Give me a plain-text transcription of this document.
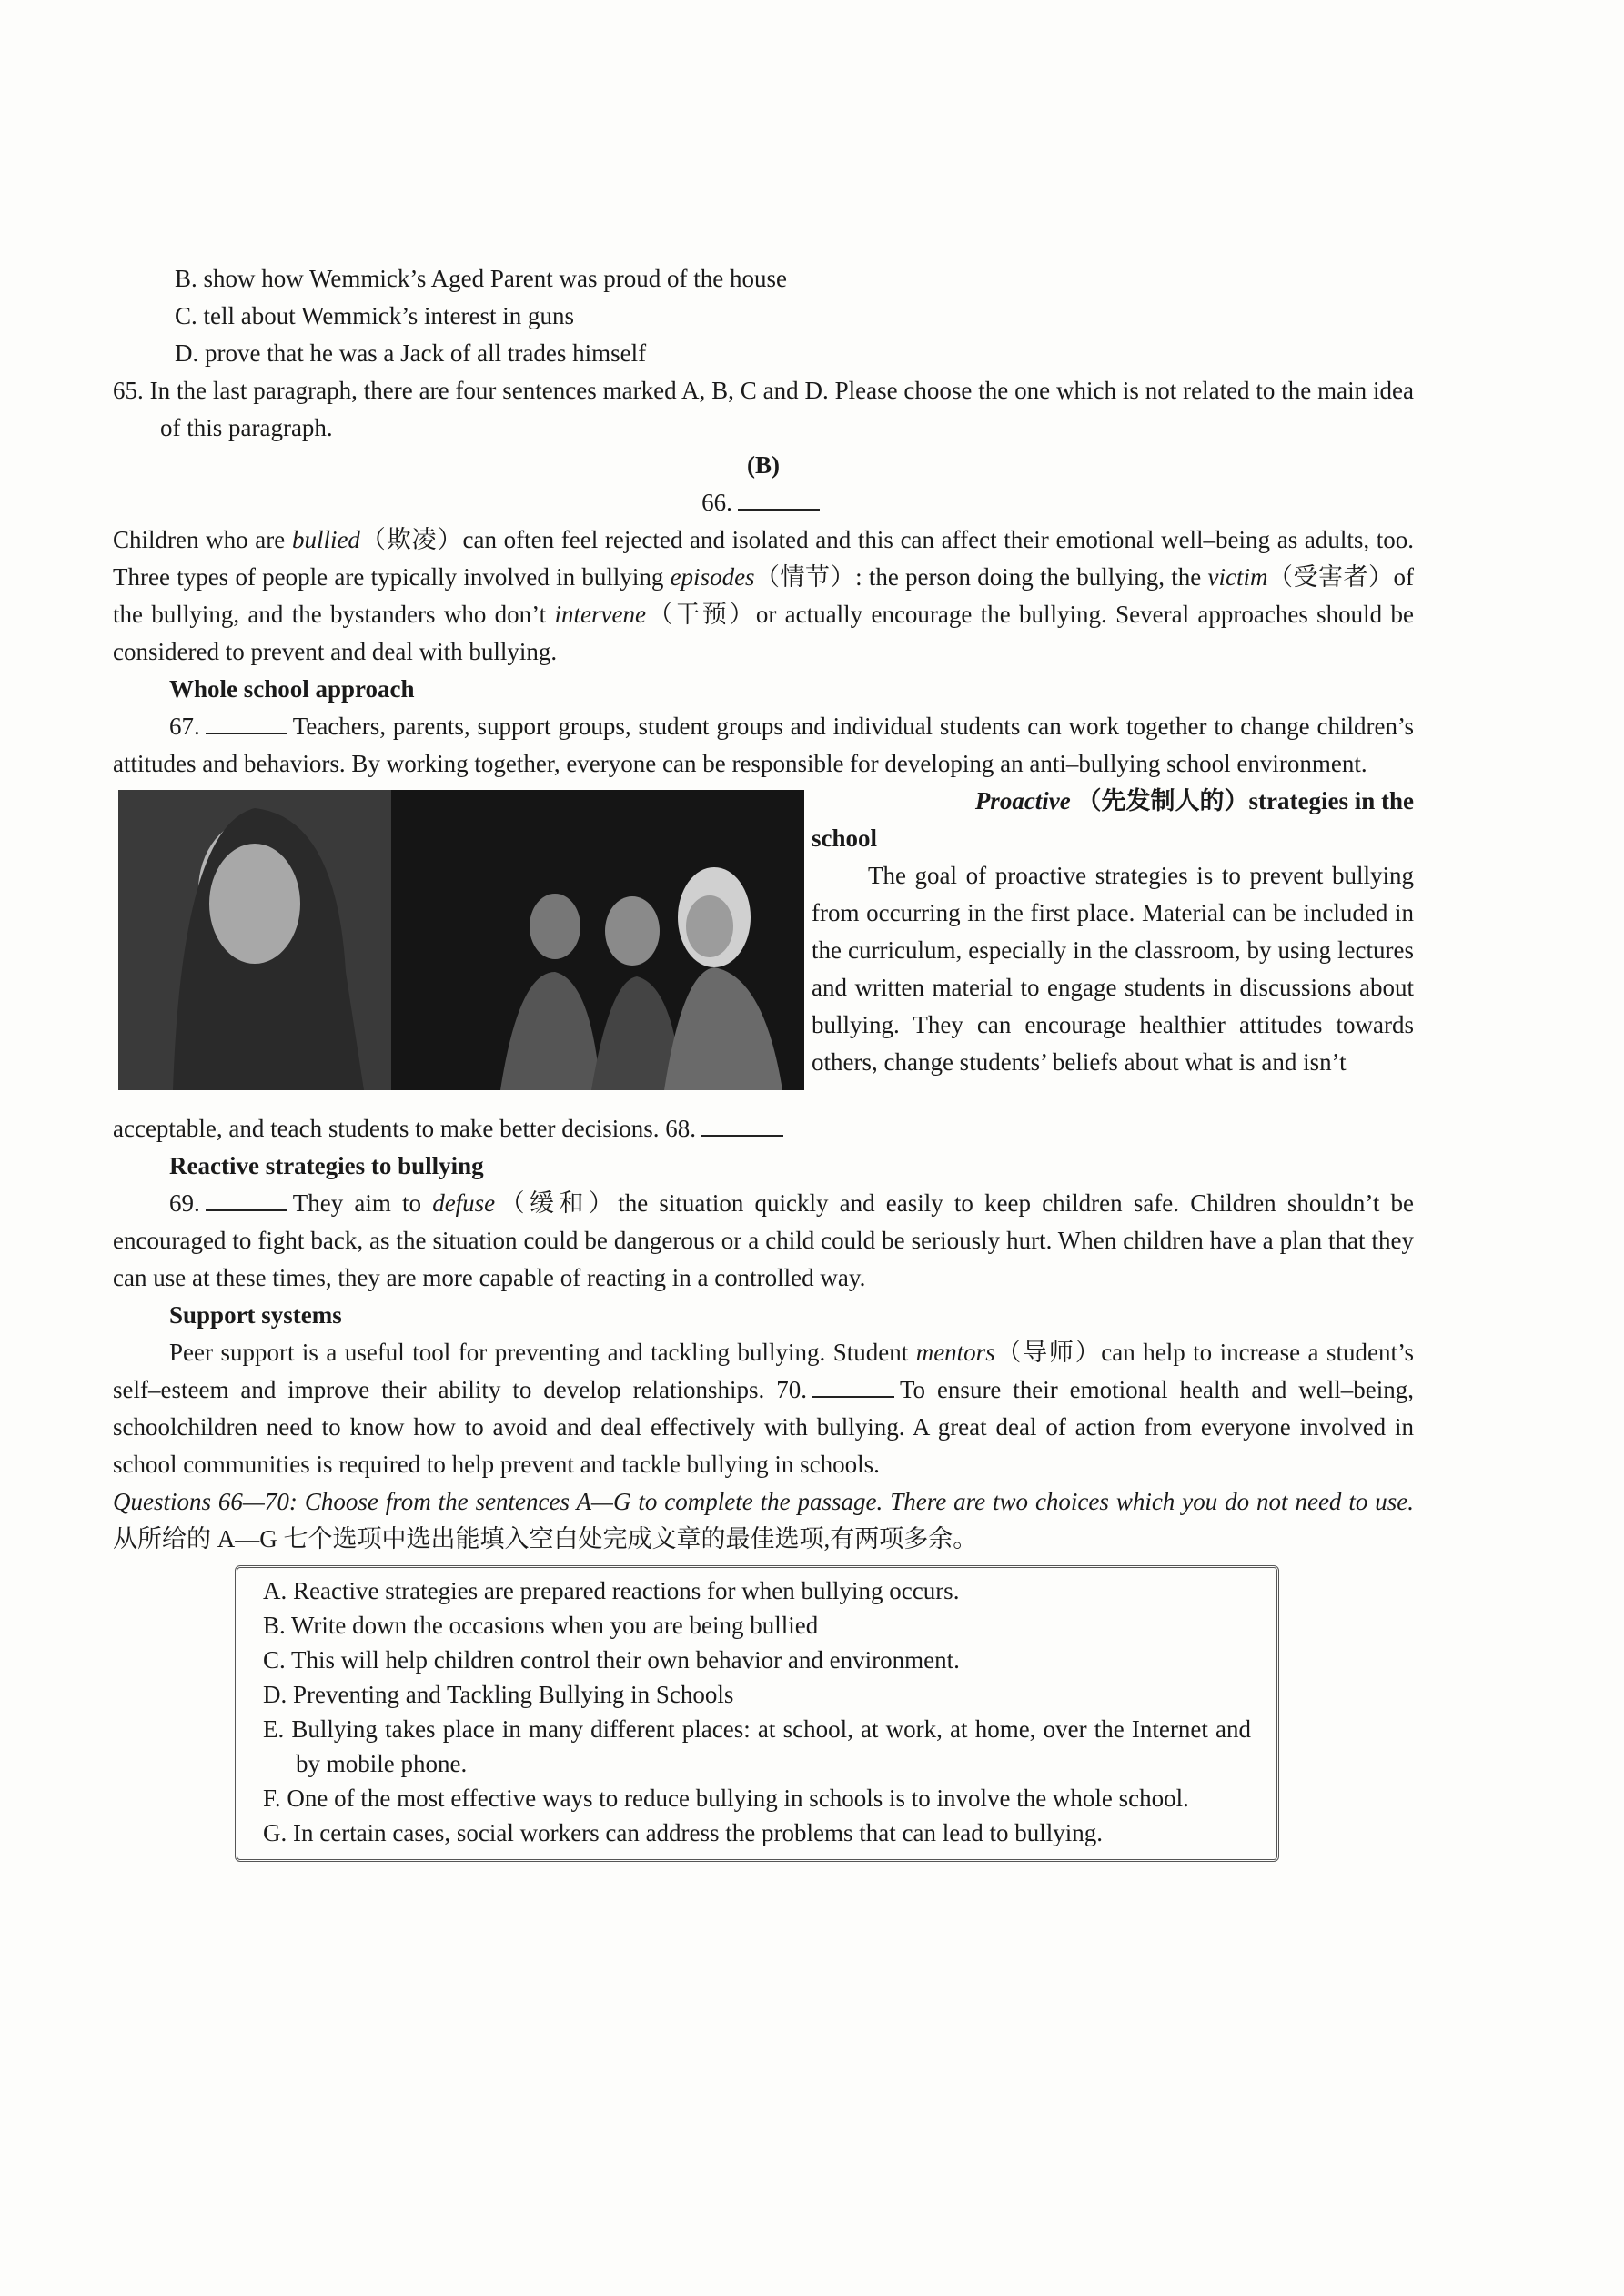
B. show how Wemmick’s Aged Parent was proud of the house
C. tell about Wemmick’s interest in guns
D. prove that he was a Jack of all trades himself
65. In the last paragraph, there are four sentences marked A, B, C and D. Please choose the one which is not related to the main idea of this paragraph.
(B)
66.

Children who are bullied（欺凌）can often feel rejected and isolated and this can affect their emotional well–being as adults, too. Three types of people are typically involved in bullying episodes（情节）: the person doing the bullying, the victim（受害者）of the bullying, and the bystanders who don’t intervene（干预）or actually encourage the bullying. Several approaches should be considered to prevent and deal with bullying.

Whole school approach

67.	Teachers, parents, support groups, student groups and individual students can work together to change children’s attitudes and behaviors. By working together, everyone can be responsible for developing an anti–bullying school environment.

Proactive （先发制人的）strategies in the
school

The goal of proactive strategies is to prevent bullying from occurring in the first place. Material can be included in the curriculum, especially in the classroom, by using lectures and written material to engage students in discussions about bullying. They can encourage healthier attitudes towards others, change students’ beliefs about what is and isn’t

acceptable, and teach students to make better decisions. 68.

Reactive strategies to bullying

69.	They aim to defuse（缓和）the situation quickly and easily to keep children safe. Children shouldn’t be encouraged to fight back, as the situation could be dangerous or a child could be seriously hurt. When children have a plan that they can use at these times, they are more capable of reacting in a controlled way.

Support systems

Peer support is a useful tool for preventing and tackling bullying. Student mentors（导师）can help to increase a student’s self–esteem and improve their ability to develop relationships. 70.	To ensure their emotional health and well–being, schoolchildren need to know how to avoid and deal effectively with bullying. A great deal of action from everyone involved in school communities is required to help prevent and tackle bullying in schools.

Questions 66—70: Choose from the sentences A—G to complete the passage. There are two choices which you do not need to use. 从所给的 A—G 七个选项中选出能填入空白处完成文章的最佳选项,有两项多余。

A. Reactive strategies are prepared reactions for when bullying occurs.
B. Write down the occasions when you are being bullied
C. This will help children control their own behavior and environment.
D. Preventing and Tackling Bullying in Schools
E. Bullying takes place in many different places: at school, at work, at home, over the Internet and by mobile phone.
F. One of the most effective ways to reduce bullying in schools is to involve the whole school.
G. In certain cases, social workers can address the problems that can lead to bullying.
